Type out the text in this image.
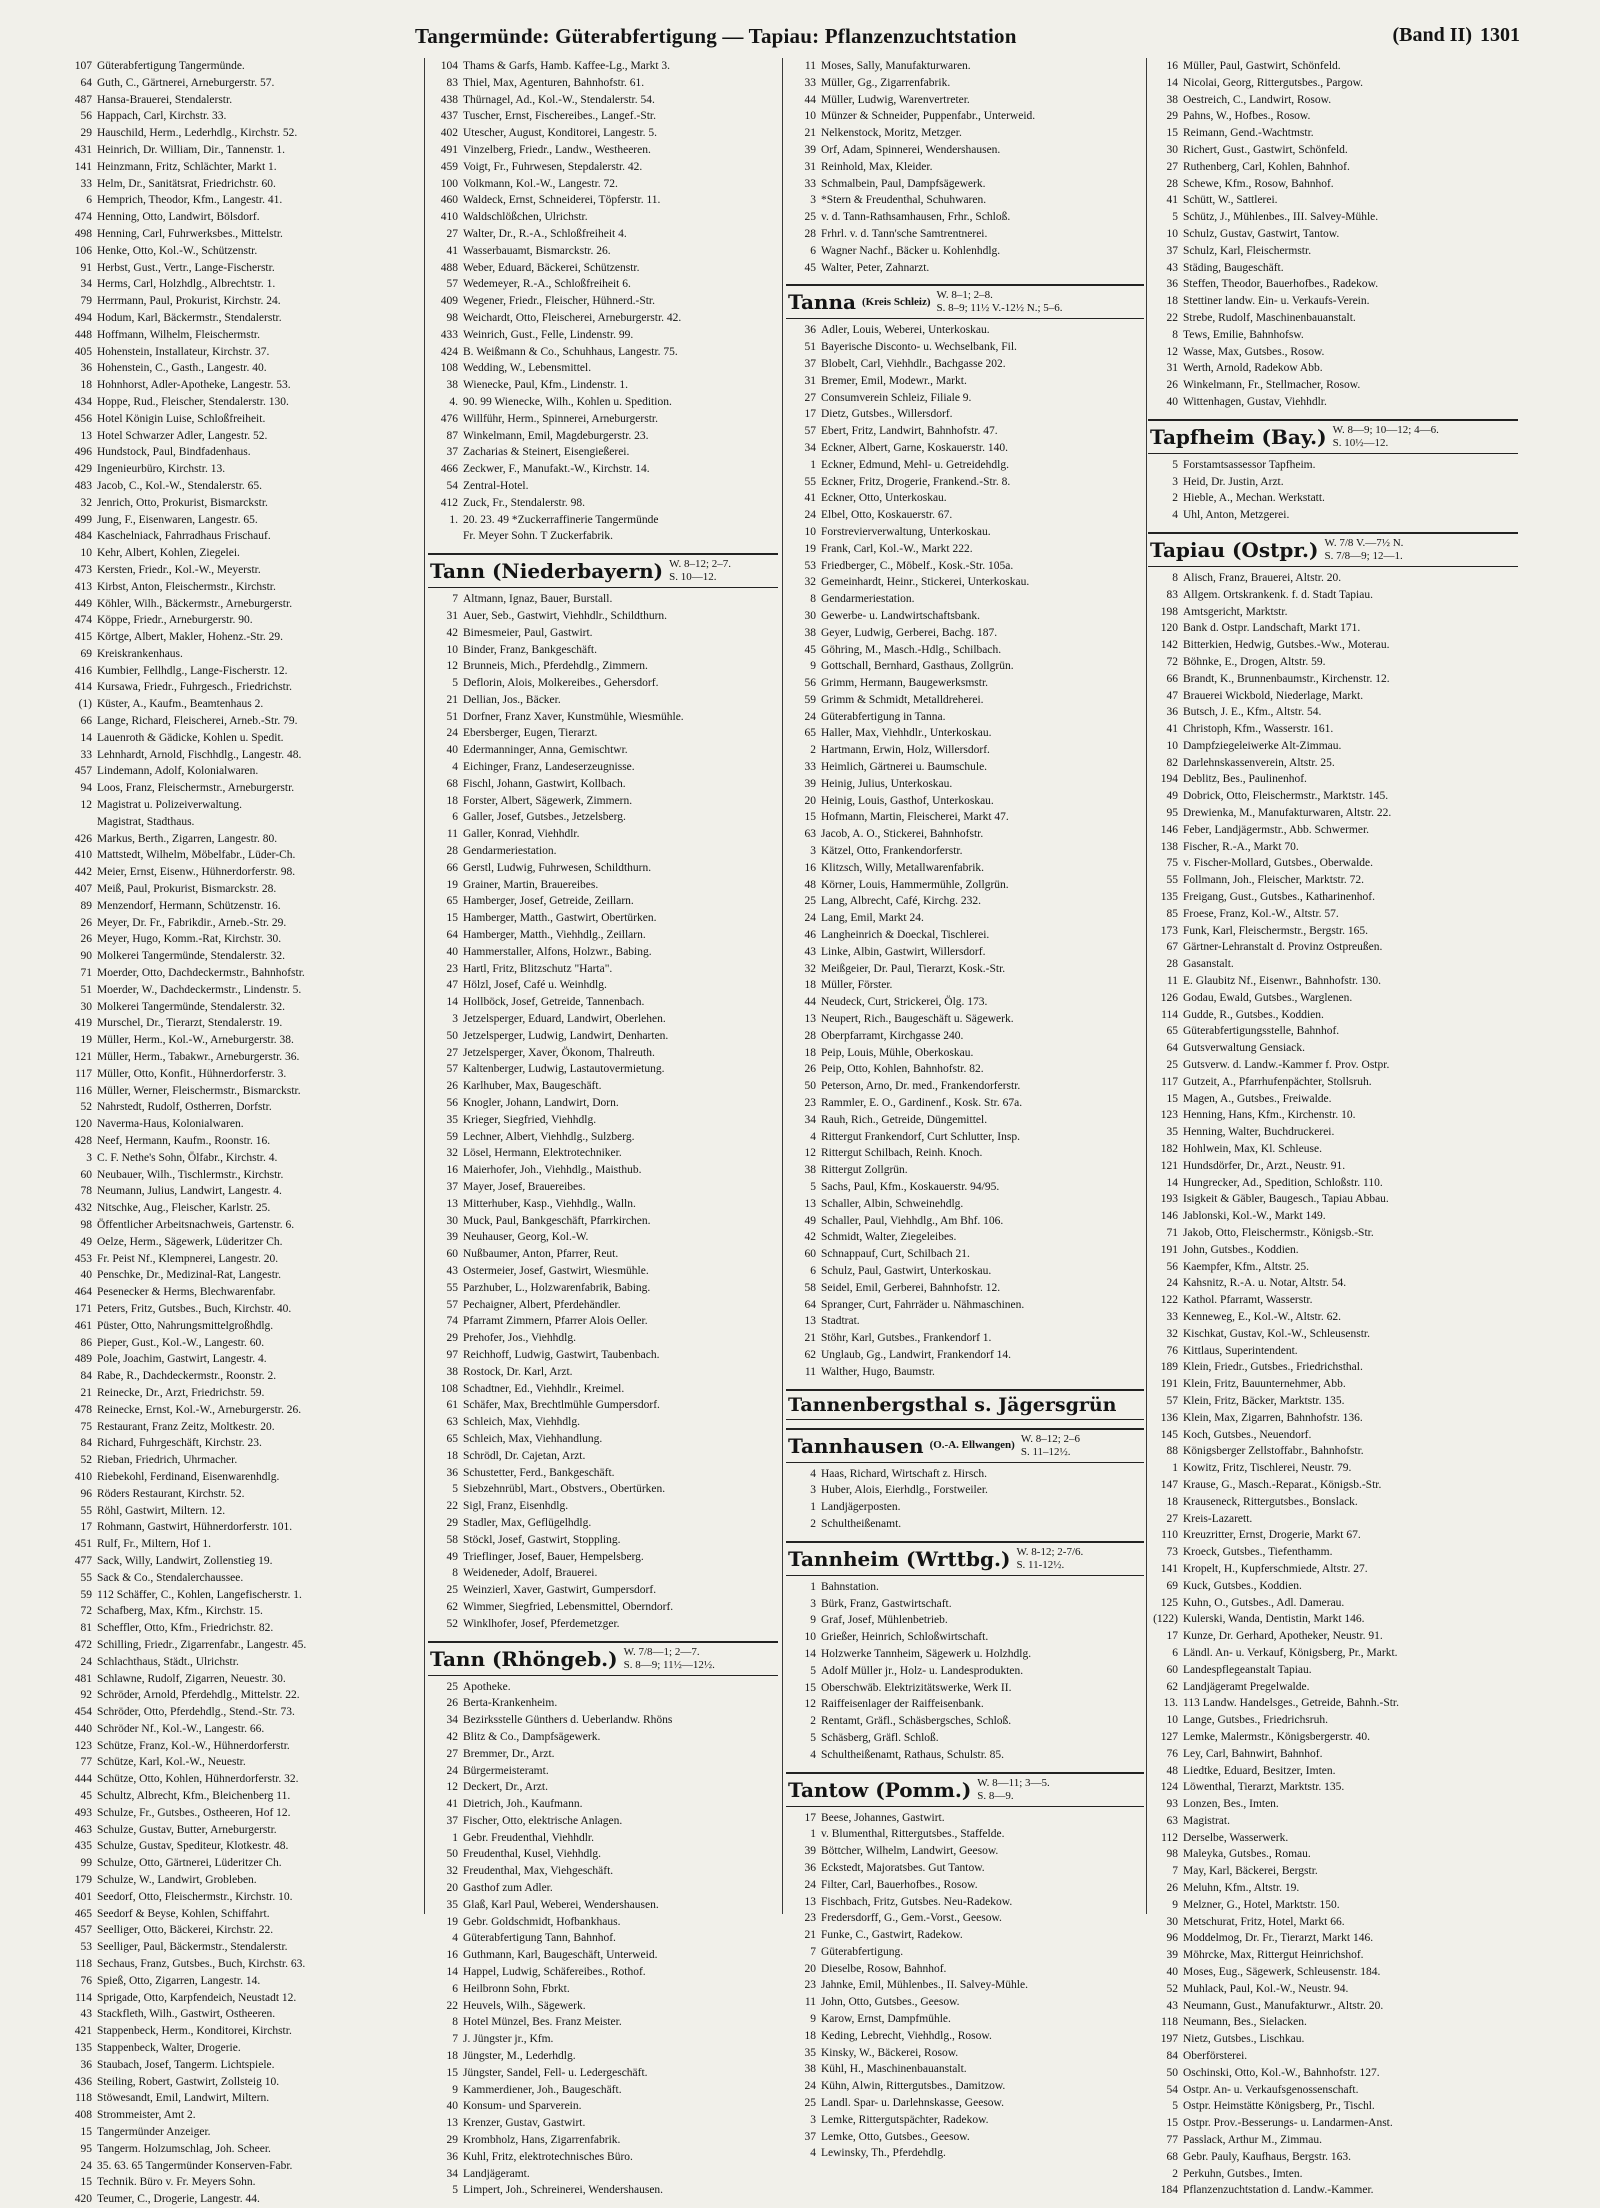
Tangermünde: Güterabfertigung — Tapiau: Pflanzenzuchtstation	(Band II) 1301
107 Güterabfertigung Tangermünde.
64 Guth, C., Gärtnerei, Arneburgerstr. 57.
487 Hansa-Brauerei, Stendalerstr.
56 Happach, Carl, Kirchstr. 33.
29 Hauschild, Herm., Lederhdlg., Kirchstr. 52.
431 Heinrich, Dr. William, Dir., Tannenstr. 1.
141 Heinzmann, Fritz, Schlächter, Markt 1.
33 Helm, Dr., Sanitätsrat, Friedrichstr. 60.
6 Hemprich, Theodor, Kfm., Langestr. 41.
474 Henning, Otto, Landwirt, Bölsdorf.
498 Henning, Carl, Fuhrwerksbes., Mittelstr.
106 Henke, Otto, Kol.-W., Schützenstr.
91 Herbst, Gust., Vertr., Lange-Fischerstr.
34 Herms, Carl, Holzhdlg., Albrechtstr. 1.
79 Herrmann, Paul, Prokurist, Kirchstr. 24.
494 Hodum, Karl, Bäckermstr., Stendalerstr.
448 Hoffmann, Wilhelm, Fleischermstr.
405 Hohenstein, Installateur, Kirchstr. 37.
36 Hohenstein, C., Gasth., Langestr. 40.
18 Hohnhorst, Adler-Apotheke, Langestr. 53.
434 Hoppe, Rud., Fleischer, Stendalerstr. 130.
456 Hotel Königin Luise, Schloßfreiheit.
13 Hotel Schwarzer Adler, Langestr. 52.
496 Hundstock, Paul, Bindfadenhaus.
429 Ingenieurbüro, Kirchstr. 13.
483 Jacob, C., Kol.-W., Stendalerstr. 65.
32 Jenrich, Otto, Prokurist, Bismarckstr.
499 Jung, F., Eisenwaren, Langestr. 65.
484 Kaschelniack, Fahrradhaus Frischauf.
10 Kehr, Albert, Kohlen, Ziegelei.
473 Kersten, Friedr., Kol.-W., Meyerstr.
413 Kirbst, Anton, Fleischermstr., Kirchstr.
449 Köhler, Wilh., Bäckermstr., Arneburgerstr.
474 Köppe, Friedr., Arneburgerstr. 90.
415 Körtge, Albert, Makler, Hohenz.-Str. 29.
69 Kreiskrankenhaus.
416 Kumbier, Fellhdlg., Lange-Fischerstr. 12.
414 Kursawa, Friedr., Fuhrgesch., Friedrichstr.
(1) Küster, A., Kaufm., Beamtenhaus 2.
66 Lange, Richard, Fleischerei, Arneb.-Str. 79.
14 Lauenroth & Gädicke, Kohlen u. Spedit.
33 Lehnhardt, Arnold, Fischhdlg., Langestr. 48.
457 Lindemann, Adolf, Kolonialwaren.
94 Loos, Franz, Fleischermstr., Arneburgerstr.
12 Magistrat u. Polizeiverwaltung.
Magistrat, Stadthaus.
426 Markus, Berth., Zigarren, Langestr. 80.
410 Mattstedt, Wilhelm, Möbelfabr., Lüder-Ch.
442 Meier, Ernst, Eisenw., Hühnerdorferstr. 98.
407 Meiß, Paul, Prokurist, Bismarckstr. 28.
89 Menzendorf, Hermann, Schützenstr. 16.
26 Meyer, Dr. Fr., Fabrikdir., Arneb.-Str. 29.
26 Meyer, Hugo, Komm.-Rat, Kirchstr. 30.
90 Molkerei Tangermünde, Stendalerstr. 32.
71 Moerder, Otto, Dachdeckermstr., Bahnhofstr.
51 Moerder, W., Dachdeckermstr., Lindenstr. 5.
30 Molkerei Tangermünde, Stendalerstr. 32.
419 Murschel, Dr., Tierarzt, Stendalerstr. 19.
19 Müller, Herm., Kol.-W., Arneburgerstr. 38.
121 Müller, Herm., Tabakwr., Arneburgerstr. 36.
117 Müller, Otto, Konfit., Hühnerdorferstr. 3.
116 Müller, Werner, Fleischermstr., Bismarckstr.
52 Nahrstedt, Rudolf, Ostherren, Dorfstr.
120 Naverma-Haus, Kolonialwaren.
428 Neef, Hermann, Kaufm., Roonstr. 16.
3 C. F. Nethe's Sohn, Ölfabr., Kirchstr. 4.
60 Neubauer, Wilh., Tischlermstr., Kirchstr.
78 Neumann, Julius, Landwirt, Langestr. 4.
432 Nitschke, Aug., Fleischer, Karlstr. 25.
98 Öffentlicher Arbeitsnachweis, Gartenstr. 6.
49 Oelze, Herm., Sägewerk, Lüderitzer Ch.
453 Fr. Peist Nf., Klempnerei, Langestr. 20.
40 Penschke, Dr., Medizinal-Rat, Langestr.
464 Pesenecker & Herms, Blechwarenfabr.
171 Peters, Fritz, Gutsbes., Buch, Kirchstr. 40.
461 Püster, Otto, Nahrungsmittelgroßhdlg.
86 Pieper, Gust., Kol.-W., Langestr. 60.
489 Pole, Joachim, Gastwirt, Langestr. 4.
84 Rabe, R., Dachdeckermstr., Roonstr. 2.
21 Reinecke, Dr., Arzt, Friedrichstr. 59.
478 Reinecke, Ernst, Kol.-W., Arneburgerstr. 26.
75 Restaurant, Franz Zeitz, Moltkestr. 20.
84 Richard, Fuhrgeschäft, Kirchstr. 23.
52 Rieban, Friedrich, Uhrmacher.
410 Riebekohl, Ferdinand, Eisenwarenhdlg.
96 Röders Restaurant, Kirchstr. 52.
55 Röhl, Gastwirt, Miltern. 12.
17 Rohmann, Gastwirt, Hühnerdorferstr. 101.
451 Rulf, Fr., Miltern, Hof 1.
477 Sack, Willy, Landwirt, Zollenstieg 19.
55 Sack & Co., Stendalerchaussee.
59 112 Schäffer, C., Kohlen, Langefischerstr. 1.
72 Schafberg, Max, Kfm., Kirchstr. 15.
81 Scheffler, Otto, Kfm., Friedrichstr. 82.
472 Schilling, Friedr., Zigarrenfabr., Langestr. 45.
24 Schlachthaus, Städt., Ulrichstr.
481 Schlawne, Rudolf, Zigarren, Neuestr. 30.
92 Schröder, Arnold, Pferdehdlg., Mittelstr. 22.
454 Schröder, Otto, Pferdehdlg., Stend.-Str. 73.
440 Schröder Nf., Kol.-W., Langestr. 66.
123 Schütze, Franz, Kol.-W., Hühnerdorferstr.
77 Schütze, Karl, Kol.-W., Neuestr.
444 Schütze, Otto, Kohlen, Hühnerdorferstr. 32.
45 Schultz, Albrecht, Kfm., Bleichenberg 11.
493 Schulze, Fr., Gutsbes., Ostheeren, Hof 12.
463 Schulze, Gustav, Butter, Arneburgerstr.
435 Schulze, Gustav, Spediteur, Klotkestr. 48.
99 Schulze, Otto, Gärtnerei, Lüderitzer Ch.
179 Schulze, W., Landwirt, Grobleben.
401 Seedorf, Otto, Fleischermstr., Kirchstr. 10.
465 Seedorf & Beyse, Kohlen, Schiffahrt.
457 Seelliger, Otto, Bäckerei, Kirchstr. 22.
53 Seelliger, Paul, Bäckermstr., Stendalerstr.
118 Sechaus, Franz, Gutsbes., Buch, Kirchstr. 63.
76 Spieß, Otto, Zigarren, Langestr. 14.
114 Sprigade, Otto, Karpfendeich, Neustadt 12.
43 Stackfleth, Wilh., Gastwirt, Ostheeren.
421 Stappenbeck, Herm., Konditorei, Kirchstr.
135 Stappenbeck, Walter, Drogerie.
36 Staubach, Josef, Tangerm. Lichtspiele.
436 Steiling, Robert, Gastwirt, Zollsteig 10.
118 Stöwesandt, Emil, Landwirt, Miltern.
408 Strommeister, Amt 2.
15 Tangermünder Anzeiger.
95 Tangerm. Holzumschlag, Joh. Scheer.
24 35. 63. 65 Tangermünder Konserven-Fabr.
15 Technik. Büro v. Fr. Meyers Sohn.
420 Teumer, C., Drogerie, Langestr. 44.
104 Thams & Garfs, Hamb. Kaffee-Lg., Markt 3.
83 Thiel, Max, Agenturen, Bahnhofstr. 61.
438 Thürnagel, Ad., Kol.-W., Stendalerstr. 54.
437 Tuscher, Ernst, Fischereibes., Langef.-Str.
402 Utescher, August, Konditorei, Langestr. 5.
491 Vinzelberg, Friedr., Landw., Westheeren.
459 Voigt, Fr., Fuhrwesen, Stepdalerstr. 42.
100 Volkmann, Kol.-W., Langestr. 72.
460 Waldeck, Ernst, Schneiderei, Töpferstr. 11.
410 Waldschlößchen, Ulrichstr.
27 Walter, Dr., R.-A., Schloßfreiheit 4.
41 Wasserbauamt, Bismarckstr. 26.
488 Weber, Eduard, Bäckerei, Schützenstr.
57 Wedemeyer, R.-A., Schloßfreiheit 6.
409 Wegener, Friedr., Fleischer, Hühnerd.-Str.
98 Weichardt, Otto, Fleischerei, Arneburgerstr. 42.
433 Weinrich, Gust., Felle, Lindenstr. 99.
424 B. Weißmann & Co., Schuhhaus, Langestr. 75.
108 Wedding, W., Lebensmittel.
38 Wienecke, Paul, Kfm., Lindenstr. 1.
4. 90. 99 Wienecke, Wilh., Kohlen u. Spedition.
476 Willführ, Herm., Spinnerei, Arneburgerstr.
87 Winkelmann, Emil, Magdeburgerstr. 23.
37 Zacharias & Steinert, Eisengießerei.
466 Zeckwer, F., Manufakt.-W., Kirchstr. 14.
54 Zentral-Hotel.
412 Zuck, Fr., Stendalerstr. 98.
1. 20. 23. 49 *Zuckerraffinerie Tangermünde
Fr. Meyer Sohn. T Zuckerfabrik.
Tann (Niederbayern) W. 8–12; 2–7.
S. 10—12.
7 Altmann, Ignaz, Bauer, Burstall.
31 Auer, Seb., Gastwirt, Viehhdlr., Schildthurn.
42 Bimesmeier, Paul, Gastwirt.
10 Binder, Franz, Bankgeschäft.
12 Brunneis, Mich., Pferdehdlg., Zimmern.
5 Deflorin, Alois, Molkereibes., Gehersdorf.
21 Dellian, Jos., Bäcker.
51 Dorfner, Franz Xaver, Kunstmühle, Wiesmühle.
24 Ebersberger, Eugen, Tierarzt.
40 Edermanninger, Anna, Gemischtwr.
4 Eichinger, Franz, Landeserzeugnisse.
68 Fischl, Johann, Gastwirt, Kollbach.
18 Forster, Albert, Sägewerk, Zimmern.
6 Galler, Josef, Gutsbes., Jetzelsberg.
11 Galler, Konrad, Viehhdlr.
28 Gendarmeriestation.
66 Gerstl, Ludwig, Fuhrwesen, Schildthurn.
19 Grainer, Martin, Brauereibes.
65 Hamberger, Josef, Getreide, Zeillarn.
15 Hamberger, Matth., Gastwirt, Obertürken.
64 Hamberger, Matth., Viehhdlg., Zeillarn.
40 Hammerstaller, Alfons, Holzwr., Babing.
23 Hartl, Fritz, Blitzschutz "Harta".
47 Hölzl, Josef, Café u. Weinhdlg.
14 Hollböck, Josef, Getreide, Tannenbach.
3 Jetzelsperger, Eduard, Landwirt, Oberlehen.
50 Jetzelsperger, Ludwig, Landwirt, Denharten.
27 Jetzelsperger, Xaver, Ökonom, Thalreuth.
57 Kaltenberger, Ludwig, Lastautovermietung.
26 Karlhuber, Max, Baugeschäft.
56 Knogler, Johann, Landwirt, Dorn.
35 Krieger, Siegfried, Viehhdlg.
59 Lechner, Albert, Viehhdlg., Sulzberg.
32 Lösel, Hermann, Elektrotechniker.
16 Maierhofer, Joh., Viehhdlg., Maisthub.
37 Mayer, Josef, Brauereibes.
13 Mitterhuber, Kasp., Viehhdlg., Walln.
30 Muck, Paul, Bankgeschäft, Pfarrkirchen.
39 Neuhauser, Georg, Kol.-W.
60 Nußbaumer, Anton, Pfarrer, Reut.
43 Ostermeier, Josef, Gastwirt, Wiesmühle.
55 Parzhuber, L., Holzwarenfabrik, Babing.
57 Pechaigner, Albert, Pferdehändler.
74 Pfarramt Zimmern, Pfarrer Alois Oeller.
29 Prehofer, Jos., Viehhdlg.
97 Reichhoff, Ludwig, Gastwirt, Taubenbach.
38 Rostock, Dr. Karl, Arzt.
108 Schadtner, Ed., Viehhdlr., Kreimel.
61 Schäfer, Max, Brechtlmühle Gumpersdorf.
63 Schleich, Max, Viehhdlg.
65 Schleich, Max, Viehhandlung.
18 Schrödl, Dr. Cajetan, Arzt.
36 Schustetter, Ferd., Bankgeschäft.
5 Siebzehnrübl, Mart., Obstvers., Obertürken.
22 Sigl, Franz, Eisenhdlg.
29 Stadler, Max, Geflügelhdlg.
58 Stöckl, Josef, Gastwirt, Stoppling.
49 Trieflinger, Josef, Bauer, Hempelsberg.
8 Weideneder, Adolf, Brauerei.
25 Weinzierl, Xaver, Gastwirt, Gumpersdorf.
62 Wimmer, Siegfried, Lebensmittel, Oberndorf.
52 Winklhofer, Josef, Pferdemetzger.
Tann (Rhöngeb.) W. 7/8—1; 2—7.
S. 8—9; 11½—12½.
25 Apotheke.
26 Berta-Krankenheim.
34 Bezirksstelle Günthers d. Ueberlandw. Rhöns
42 Blitz & Co., Dampfsägewerk.
27 Bremmer, Dr., Arzt.
24 Bürgermeisteramt.
12 Deckert, Dr., Arzt.
41 Dietrich, Joh., Kaufmann.
37 Fischer, Otto, elektrische Anlagen.
1 Gebr. Freudenthal, Viehhdlr.
50 Freudenthal, Kusel, Viehhdlg.
32 Freudenthal, Max, Viehgeschäft.
20 Gasthof zum Adler.
35 Glaß, Karl Paul, Weberei, Wendershausen.
19 Gebr. Goldschmidt, Hofbankhaus.
4 Güterabfertigung Tann, Bahnhof.
16 Guthmann, Karl, Baugeschäft, Unterweid.
14 Happel, Ludwig, Schäfereibes., Rothof.
6 Heilbronn Sohn, Fbrkt.
22 Heuvels, Wilh., Sägewerk.
8 Hotel Münzel, Bes. Franz Meister.
7 J. Jüngster jr., Kfm.
18 Jüngster, M., Lederhdlg.
15 Jüngster, Sandel, Fell- u. Ledergeschäft.
9 Kammerdiener, Joh., Baugeschäft.
40 Konsum- und Sparverein.
13 Krenzer, Gustav, Gastwirt.
29 Krombholz, Hans, Zigarrenfabrik.
36 Kuhl, Fritz, elektrotechnisches Büro.
34 Landjägeramt.
5 Limpert, Joh., Schreinerei, Wendershausen.
11 Moses, Sally, Manufakturwaren.
33 Müller, Gg., Zigarrenfabrik.
44 Müller, Ludwig, Warenvertreter.
10 Münzer & Schneider, Puppenfabr., Unterweid.
21 Nelkenstock, Moritz, Metzger.
39 Orf, Adam, Spinnerei, Wendershausen.
31 Reinhold, Max, Kleider.
33 Schmalbein, Paul, Dampfsägewerk.
3 *Stern & Freudenthal, Schuhwaren.
25 v. d. Tann-Rathsamhausen, Frhr., Schloß.
28 Frhrl. v. d. Tann'sche Samtrentnerei.
6 Wagner Nachf., Bäcker u. Kohlenhdlg.
45 Walter, Peter, Zahnarzt.
Tanna (Kreis Schleiz)
W. 8–1; 2–8.
S. 8–9; 11½ V.-12½ N.; 5–6.
36 Adler, Louis, Weberei, Unterkoskau.
51 Bayerische Disconto- u. Wechselbank, Fil.
37 Blobelt, Carl, Viehhdlr., Bachgasse 202.
31 Bremer, Emil, Modewr., Markt.
27 Consumverein Schleiz, Filiale 9.
17 Dietz, Gutsbes., Willersdorf.
57 Ebert, Fritz, Landwirt, Bahnhofstr. 47.
34 Eckner, Albert, Garne, Koskauerstr. 140.
1 Eckner, Edmund, Mehl- u. Getreidehdlg.
55 Eckner, Fritz, Drogerie, Frankend.-Str. 8.
41 Eckner, Otto, Unterkoskau.
24 Elbel, Otto, Koskauerstr. 67.
10 Forstrevierverwaltung, Unterkoskau.
19 Frank, Carl, Kol.-W., Markt 222.
53 Friedberger, C., Möbelf., Kosk.-Str. 105a.
32 Gemeinhardt, Heinr., Stickerei, Unterkoskau.
8 Gendarmeriestation.
30 Gewerbe- u. Landwirtschaftsbank.
38 Geyer, Ludwig, Gerberei, Bachg. 187.
45 Göhring, M., Masch.-Hdlg., Schilbach.
9 Gottschall, Bernhard, Gasthaus, Zollgrün.
56 Grimm, Hermann, Baugewerksmstr.
59 Grimm & Schmidt, Metalldreherei.
24 Güterabfertigung in Tanna.
65 Haller, Max, Viehhdlr., Unterkoskau.
2 Hartmann, Erwin, Holz, Willersdorf.
33 Heimlich, Gärtnerei u. Baumschule.
39 Heinig, Julius, Unterkoskau.
20 Heinig, Louis, Gasthof, Unterkoskau.
15 Hofmann, Martin, Fleischerei, Markt 47.
63 Jacob, A. O., Stickerei, Bahnhofstr.
3 Kätzel, Otto, Frankendorferstr.
16 Klitzsch, Willy, Metallwarenfabrik.
48 Körner, Louis, Hammermühle, Zollgrün.
25 Lang, Albrecht, Café, Kirchg. 232.
24 Lang, Emil, Markt 24.
46 Langheinrich & Doeckal, Tischlerei.
43 Linke, Albin, Gastwirt, Willersdorf.
32 Meißgeier, Dr. Paul, Tierarzt, Kosk.-Str.
18 Müller, Förster.
44 Neudeck, Curt, Strickerei, Ölg. 173.
13 Neupert, Rich., Baugeschäft u. Sägewerk.
28 Oberpfarramt, Kirchgasse 240.
18 Peip, Louis, Mühle, Oberkoskau.
26 Peip, Otto, Kohlen, Bahnhofstr. 82.
50 Peterson, Arno, Dr. med., Frankendorferstr.
23 Rammler, E. O., Gardinenf., Kosk. Str. 67a.
34 Rauh, Rich., Getreide, Düngemittel.
4 Rittergut Frankendorf, Curt Schlutter, Insp.
12 Rittergut Schilbach, Reinh. Knoch.
38 Rittergut Zollgrün.
5 Sachs, Paul, Kfm., Koskauerstr. 94/95.
13 Schaller, Albin, Schweinehdlg.
49 Schaller, Paul, Viehhdlg., Am Bhf. 106.
42 Schmidt, Walter, Ziegeleibes.
60 Schnappauf, Curt, Schilbach 21.
6 Schulz, Paul, Gastwirt, Unterkoskau.
58 Seidel, Emil, Gerberei, Bahnhofstr. 12.
64 Spranger, Curt, Fahrräder u. Nähmaschinen.
13 Stadtrat.
21 Stöhr, Karl, Gutsbes., Frankendorf 1.
62 Unglaub, Gg., Landwirt, Frankendorf 14.
11 Walther, Hugo, Baumstr.
Tannenbergsthal s. Jägersgrün
Tannhausen (O.-A. Ellwangen)
W. 8–12; 2–6
S. 11–12½.
4 Haas, Richard, Wirtschaft z. Hirsch.
3 Huber, Alois, Eierhdlg., Forstweiler.
1 Landjägerposten.
2 Schultheißenamt.
Tannheim (Wrttbg.) W. 8-12; 2-7/6.
S. 11-12½.
1 Bahnstation.
3 Bürk, Franz, Gastwirtschaft.
9 Graf, Josef, Mühlenbetrieb.
10 Grießer, Heinrich, Schloßwirtschaft.
14 Holzwerke Tannheim, Sägewerk u. Holzhdlg.
5 Adolf Müller jr., Holz- u. Landesprodukten.
15 Oberschwäb. Elektrizitätswerke, Werk II.
12 Raiffeisenlager der Raiffeisenbank.
2 Rentamt, Gräfl., Schäsbergsches, Schloß.
5 Schäsberg, Gräfl. Schloß.
4 Schultheißenamt, Rathaus, Schulstr. 85.
Tantow (Pomm.) W. 8—11; 3—5.
S. 8—9.
17 Beese, Johannes, Gastwirt.
1 v. Blumenthal, Rittergutsbes., Staffelde.
39 Böttcher, Wilhelm, Landwirt, Geesow.
36 Eckstedt, Majoratsbes. Gut Tantow.
24 Filter, Carl, Bauerhofbes., Rosow.
13 Fischbach, Fritz, Gutsbes. Neu-Radekow.
23 Fredersdorff, G., Gem.-Vorst., Geesow.
21 Funke, C., Gastwirt, Radekow.
7 Güterabfertigung.
20 Dieselbe, Rosow, Bahnhof.
23 Jahnke, Emil, Mühlenbes., II. Salvey-Mühle.
11 John, Otto, Gutsbes., Geesow.
9 Karow, Ernst, Dampfmühle.
18 Keding, Lebrecht, Viehhdlg., Rosow.
35 Kinsky, W., Bäckerei, Rosow.
38 Kühl, H., Maschinenbauanstalt.
24 Kühn, Alwin, Rittergutsbes., Damitzow.
25 Landl. Spar- u. Darlehnskasse, Geesow.
3 Lemke, Rittergutspächter, Radekow.
37 Lemke, Otto, Gutsbes., Geesow.
4 Lewinsky, Th., Pferdehdlg.
16 Müller, Paul, Gastwirt, Schönfeld.
14 Nicolai, Georg, Rittergutsbes., Pargow.
38 Oestreich, C., Landwirt, Rosow.
29 Pahns, W., Hofbes., Rosow.
15 Reimann, Gend.-Wachtmstr.
30 Richert, Gust., Gastwirt, Schönfeld.
27 Ruthenberg, Carl, Kohlen, Bahnhof.
28 Schewe, Kfm., Rosow, Bahnhof.
41 Schütt, W., Sattlerei.
5 Schütz, J., Mühlenbes., III. Salvey-Mühle.
10 Schulz, Gustav, Gastwirt, Tantow.
37 Schulz, Karl, Fleischermstr.
43 Städing, Baugeschäft.
36 Steffen, Theodor, Bauerhofbes., Radekow.
18 Stettiner landw. Ein- u. Verkaufs-Verein.
22 Strebe, Rudolf, Maschinenbauanstalt.
8 Tews, Emilie, Bahnhofsw.
12 Wasse, Max, Gutsbes., Rosow.
31 Werth, Arnold, Radekow Abb.
26 Winkelmann, Fr., Stellmacher, Rosow.
40 Wittenhagen, Gustav, Viehhdlr.
Tapfheim (Bay.) W. 8—9; 10—12; 4—6.
S. 10½—12.
5 Forstamtsassessor Tapfheim.
3 Heid, Dr. Justin, Arzt.
2 Hieble, A., Mechan. Werkstatt.
4 Uhl, Anton, Metzgerei.
Tapiau (Ostpr.) W. 7/8 V.—7½ N.
S. 7/8—9; 12—1.
8 Alisch, Franz, Brauerei, Altstr. 20.
83 Allgem. Ortskrankenk. f. d. Stadt Tapiau.
198 Amtsgericht, Marktstr.
120 Bank d. Ostpr. Landschaft, Markt 171.
142 Bitterkien, Hedwig, Gutsbes.-Ww., Moterau.
72 Böhnke, E., Drogen, Altstr. 59.
66 Brandt, K., Brunnenbaumstr., Kirchenstr. 12.
47 Brauerei Wickbold, Niederlage, Markt.
36 Butsch, J. E., Kfm., Altstr. 54.
41 Christoph, Kfm., Wasserstr. 161.
10 Dampfziegeleiwerke Alt-Zimmau.
82 Darlehnskassenverein, Altstr. 25.
194 Deblitz, Bes., Paulinenhof.
49 Dobrick, Otto, Fleischermstr., Marktstr. 145.
95 Drewienka, M., Manufakturwaren, Altstr. 22.
146 Feber, Landjägermstr., Abb. Schwermer.
138 Fischer, R.-A., Markt 70.
75 v. Fischer-Mollard, Gutsbes., Oberwalde.
55 Follmann, Joh., Fleischer, Marktstr. 72.
135 Freigang, Gust., Gutsbes., Katharinenhof.
85 Froese, Franz, Kol.-W., Altstr. 57.
173 Funk, Karl, Fleischermstr., Bergstr. 165.
67 Gärtner-Lehranstalt d. Provinz Ostpreußen.
28 Gasanstalt.
11 E. Glaubitz Nf., Eisenwr., Bahnhofstr. 130.
126 Godau, Ewald, Gutsbes., Warglenen.
114 Gudde, R., Gutsbes., Koddien.
65 Güterabfertigungsstelle, Bahnhof.
64 Gutsverwaltung Gensiack.
25 Gutsverw. d. Landw.-Kammer f. Prov. Ostpr.
117 Gutzeit, A., Pfarrhufenpächter, Stollsruh.
15 Magen, A., Gutsbes., Freiwalde.
123 Henning, Hans, Kfm., Kirchenstr. 10.
35 Henning, Walter, Buchdruckerei.
182 Hohlwein, Max, Kl. Schleuse.
121 Hundsdörfer, Dr., Arzt., Neustr. 91.
14 Hungrecker, Ad., Spedition, Schloßstr. 110.
193 Isigkeit & Gäbler, Baugesch., Tapiau Abbau.
146 Jablonski, Kol.-W., Markt 149.
71 Jakob, Otto, Fleischermstr., Königsb.-Str.
191 John, Gutsbes., Koddien.
56 Kaempfer, Kfm., Altstr. 25.
24 Kahsnitz, R.-A. u. Notar, Altstr. 54.
122 Kathol. Pfarramt, Wasserstr.
33 Kenneweg, E., Kol.-W., Altstr. 62.
32 Kischkat, Gustav, Kol.-W., Schleusenstr.
76 Kittlaus, Superintendent.
189 Klein, Friedr., Gutsbes., Friedrichsthal.
191 Klein, Fritz, Bauunternehmer, Abb.
57 Klein, Fritz, Bäcker, Marktstr. 135.
136 Klein, Max, Zigarren, Bahnhofstr. 136.
145 Koch, Gutsbes., Neuendorf.
88 Königsberger Zellstoffabr., Bahnhofstr.
1 Kowitz, Fritz, Tischlerei, Neustr. 79.
147 Krause, G., Masch.-Reparat., Königsb.-Str.
18 Krauseneck, Rittergutsbes., Bonslack.
27 Kreis-Lazarett.
110 Kreuzritter, Ernst, Drogerie, Markt 67.
73 Kroeck, Gutsbes., Tiefenthamm.
141 Kropelt, H., Kupferschmiede, Altstr. 27.
69 Kuck, Gutsbes., Koddien.
125 Kuhn, O., Gutsbes., Adl. Damerau.
(122) Kulerski, Wanda, Dentistin, Markt 146.
17 Kunze, Dr. Gerhard, Apotheker, Neustr. 91.
6 Ländl. An- u. Verkauf, Königsberg, Pr., Markt.
60 Landespflegeanstalt Tapiau.
62 Landjägeramt Pregelwalde.
13. 113 Landw. Handelsges., Getreide, Bahnh.-Str.
10 Lange, Gutsbes., Friedrichsruh.
127 Lemke, Malermstr., Königsbergerstr. 40.
76 Ley, Carl, Bahnwirt, Bahnhof.
48 Liedtke, Eduard, Besitzer, Imten.
124 Löwenthal, Tierarzt, Marktstr. 135.
93 Lonzen, Bes., Imten.
63 Magistrat.
112 Derselbe, Wasserwerk.
98 Maleyka, Gutsbes., Romau.
7 May, Karl, Bäckerei, Bergstr.
26 Meluhn, Kfm., Altstr. 19.
9 Melzner, G., Hotel, Marktstr. 150.
30 Metschurat, Fritz, Hotel, Markt 66.
96 Moddelmog, Dr. Fr., Tierarzt, Markt 146.
39 Möhrcke, Max, Rittergut Heinrichshof.
40 Moses, Eug., Sägewerk, Schleusenstr. 184.
52 Muhlack, Paul, Kol.-W., Neustr. 94.
43 Neumann, Gust., Manufakturwr., Altstr. 20.
118 Neumann, Bes., Sielacken.
197 Nietz, Gutsbes., Lischkau.
84 Oberförsterei.
50 Oschinski, Otto, Kol.-W., Bahnhofstr. 127.
54 Ostpr. An- u. Verkaufsgenossenschaft.
5 Ostpr. Heimstätte Königsberg, Pr., Tischl.
15 Ostpr. Prov.-Besserungs- u. Landarmen-Anst.
77 Passlack, Arthur M., Zimmau.
68 Gebr. Pauly, Kaufhaus, Bergstr. 163.
2 Perkuhn, Gutsbes., Imten.
184 Pflanzenzuchtstation d. Landw.-Kammer.
